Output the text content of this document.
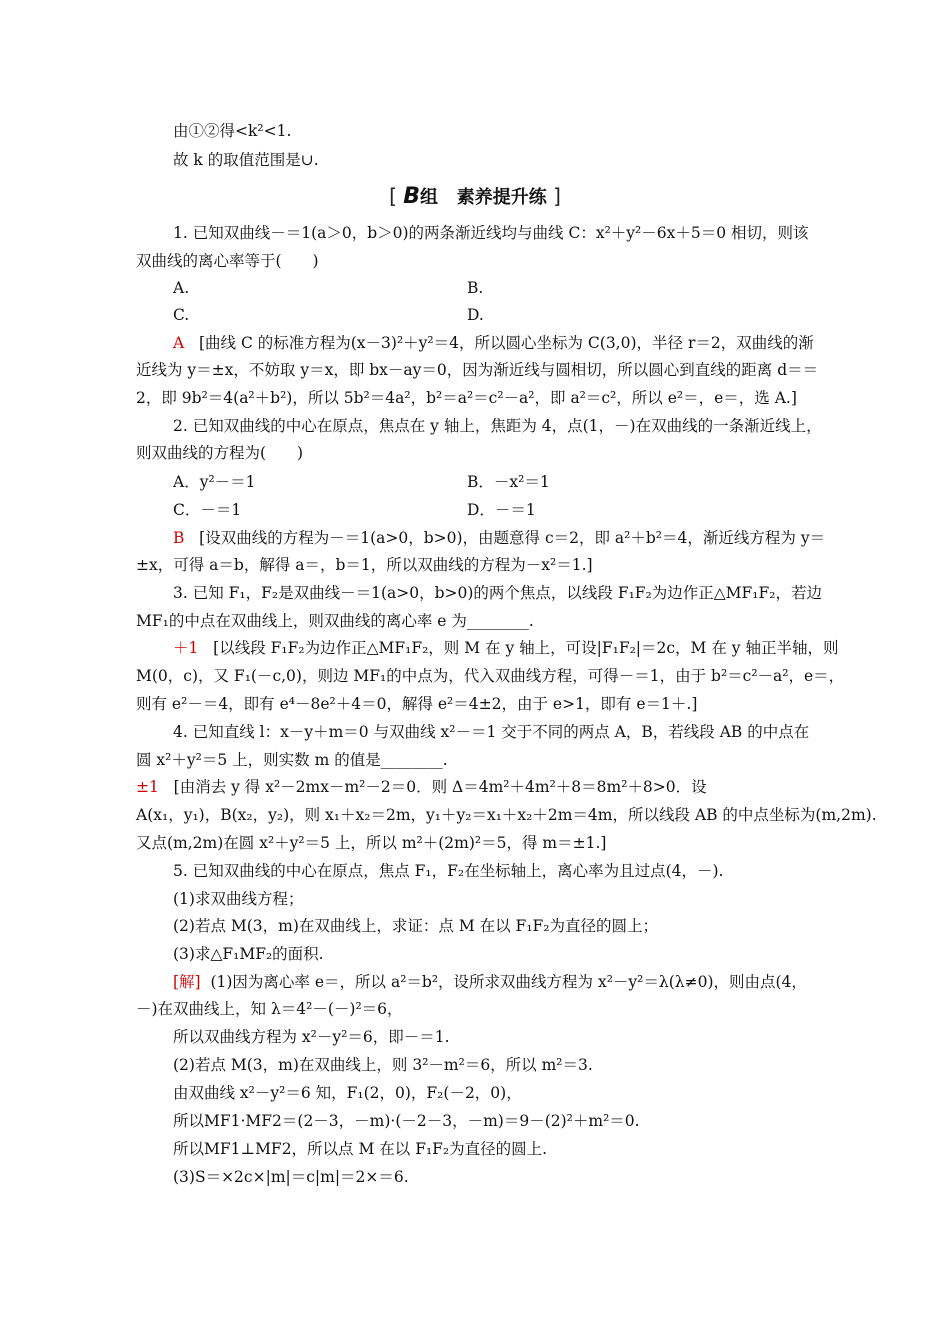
由①②得<k²<1.
故 k 的取值范围是∪.
[ B组 素养提升练 ]
1. 已知双曲线－＝1(a＞0，b＞0)的两条渐近线均与曲线 C：x²＋y²－6x＋5＝0 相切，则该
双曲线的离心率等于(　　)
A.	B.
C.	D.
A [曲线 C 的标准方程为(x－3)²＋y²＝4，所以圆心坐标为 C(3,0)，半径 r＝2，双曲线的渐
近线为 y＝±x，不妨取 y＝x，即 bx－ay＝0，因为渐近线与圆相切，所以圆心到直线的距离 d＝＝
2，即 9b²＝4(a²＋b²)，所以 5b²＝4a²，b²＝a²＝c²－a²，即 a²＝c²，所以 e²＝，e＝，选 A.]
2. 已知双曲线的中心在原点，焦点在 y 轴上，焦距为 4，点(1，－)在双曲线的一条渐近线上，
则双曲线的方程为(　　)
A．y²－＝1	B．－x²＝1
C．－＝1	D．－＝1
B [设双曲线的方程为－＝1(a>0，b>0)，由题意得 c＝2，即 a²＋b²＝4，渐近线方程为 y＝
±x，可得 a＝b，解得 a＝，b＝1，所以双曲线的方程为－x²＝1.]
3. 已知 F₁，F₂是双曲线－＝1(a>0，b>0)的两个焦点，以线段 F₁F₂为边作正△MF₁F₂，若边
MF₁的中点在双曲线上，则双曲线的离心率 e 为________.
＋1 [以线段 F₁F₂为边作正△MF₁F₂，则 M 在 y 轴上，可设|F₁F₂|＝2c，M 在 y 轴正半轴，则
M(0，c)，又 F₁(－c,0)，则边 MF₁的中点为，代入双曲线方程，可得－＝1，由于 b²＝c²－a²，e＝，
则有 e²－＝4，即有 e⁴－8e²＋4＝0，解得 e²＝4±2，由于 e>1，即有 e＝1＋.]
4. 已知直线 l：x－y＋m＝0 与双曲线 x²－＝1 交于不同的两点 A，B，若线段 AB 的中点在
圆 x²＋y²＝5 上，则实数 m 的值是________.
±1 [由消去 y 得 x²－2mx－m²－2＝0．则 Δ＝4m²＋4m²＋8＝8m²＋8>0．设
A(x₁，y₁)，B(x₂，y₂)，则 x₁＋x₂＝2m，y₁＋y₂＝x₁＋x₂＋2m＝4m，所以线段 AB 的中点坐标为(m,2m).
又点(m,2m)在圆 x²＋y²＝5 上，所以 m²＋(2m)²＝5，得 m＝±1.]
5. 已知双曲线的中心在原点，焦点 F₁，F₂在坐标轴上，离心率为且过点(4，－).
(1)求双曲线方程；
(2)若点 M(3，m)在双曲线上，求证：点 M 在以 F₁F₂为直径的圆上；
(3)求△F₁MF₂的面积.
[解] (1)因为离心率 e＝，所以 a²＝b²，设所求双曲线方程为 x²－y²＝λ(λ≠0)，则由点(4，
－)在双曲线上，知 λ＝4²－(－)²＝6，
所以双曲线方程为 x²－y²＝6，即－＝1.
(2)若点 M(3，m)在双曲线上，则 3²－m²＝6，所以 m²＝3.
由双曲线 x²－y²＝6 知，F₁(2，0)，F₂(－2，0)，
所以MF1·MF2＝(2－3，－m)·(－2－3，－m)＝9－(2)²＋m²＝0.
所以MF1⊥MF2，所以点 M 在以 F₁F₂为直径的圆上.
(3)S＝×2c×|m|＝c|m|＝2×＝6.
